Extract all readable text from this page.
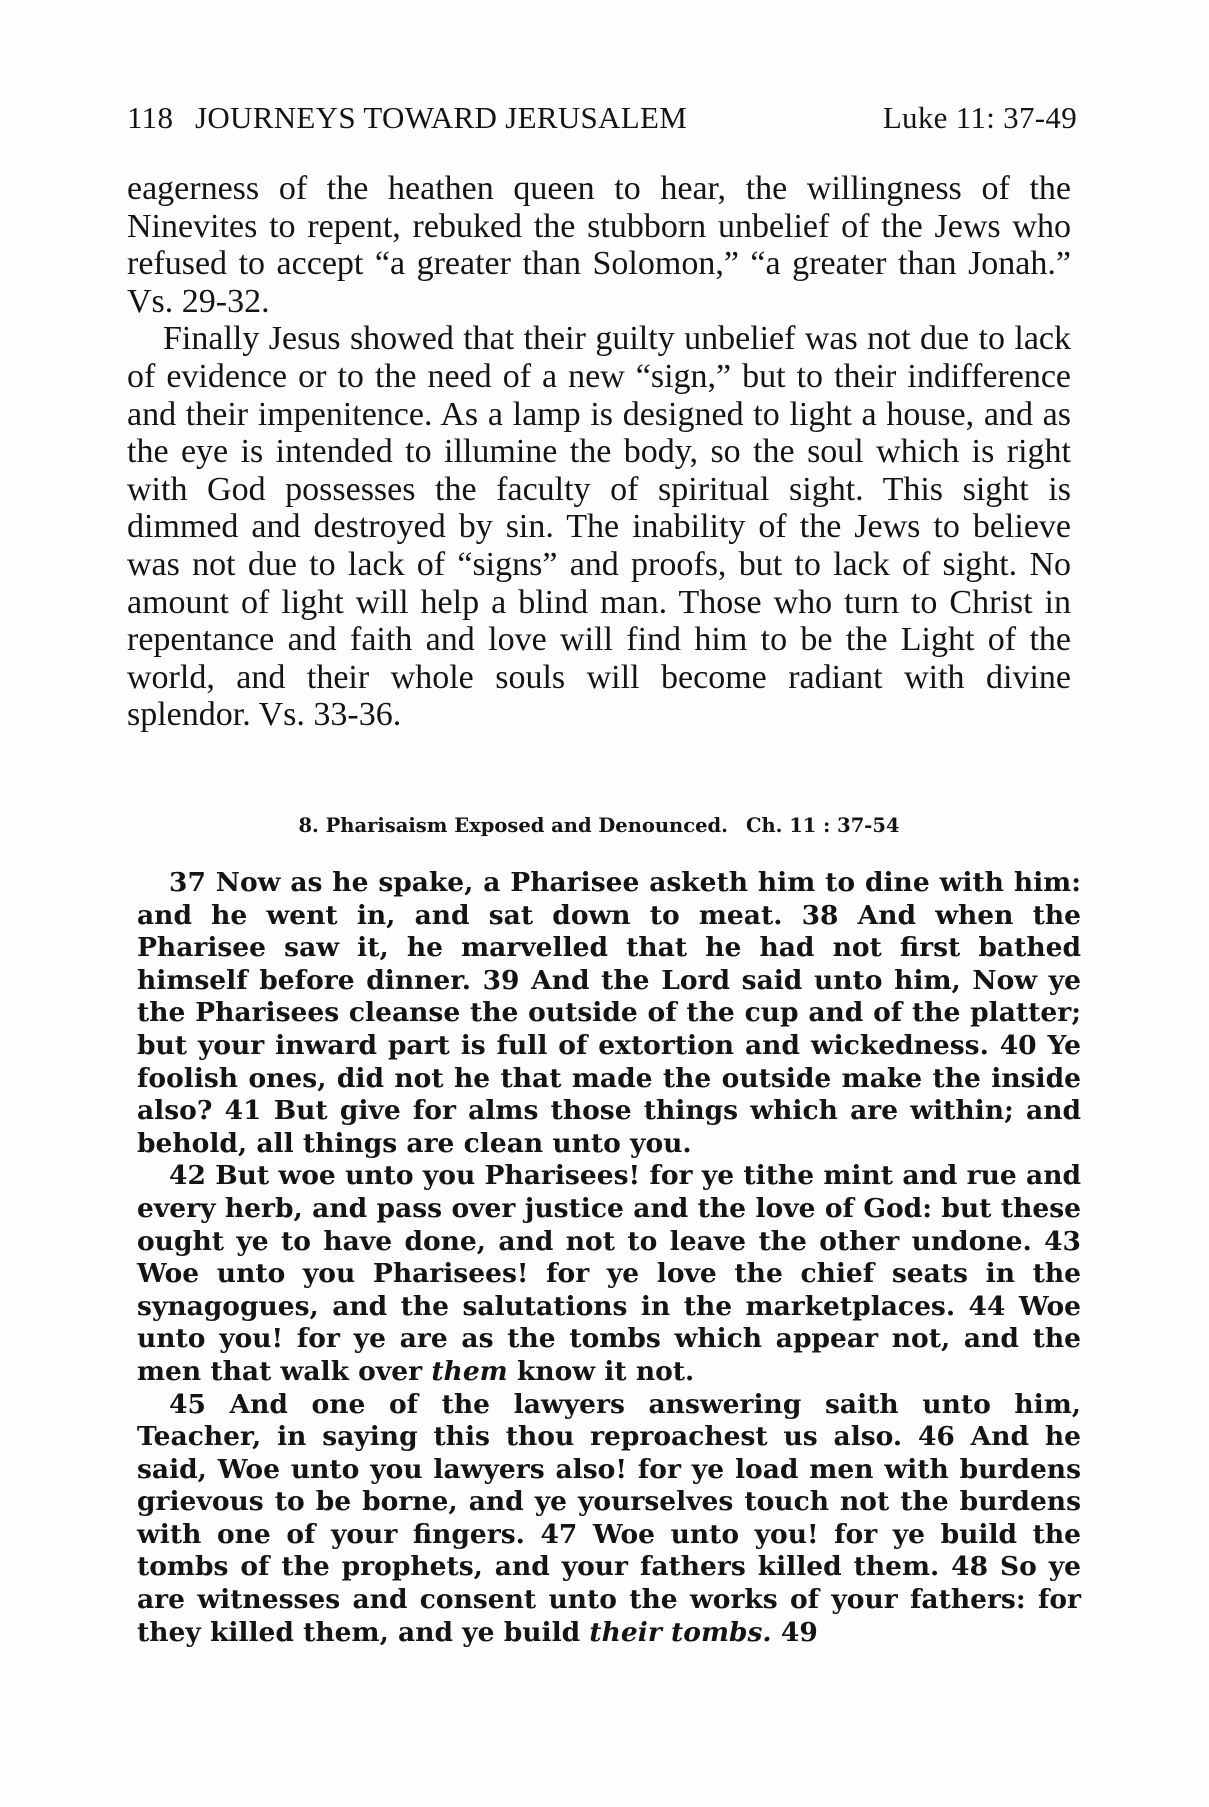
118 JOURNEYS TOWARD JERUSALEM	Luke 11: 37-49

eagerness of the heathen queen to hear, the willingness of the Ninevites to repent, rebuked the stubborn unbelief of the Jews who refused to accept “a greater than Solomon,” “a greater than Jonah.” Vs. 29-32.

Finally Jesus showed that their guilty unbelief was not due to lack of evidence or to the need of a new “sign,” but to their indifference and their impenitence. As a lamp is designed to light a house, and as the eye is intended to illumine the body, so the soul which is right with God possesses the faculty of spiritual sight. This sight is dimmed and destroyed by sin. The inability of the Jews to believe was not due to lack of “signs” and proofs, but to lack of sight. No amount of light will help a blind man. Those who turn to Christ in repentance and faith and love will find him to be the Light of the world, and their whole souls will become radiant with divine splendor. Vs. 33-36.

8. Pharisaism Exposed and Denounced. Ch. 11 : 37-54

37 Now as he spake, a Pharisee asketh him to dine with him: and he went in, and sat down to meat. 38 And when the Pharisee saw it, he marvelled that he had not first bathed himself before dinner. 39 And the Lord said unto him, Now ye the Pharisees cleanse the outside of the cup and of the platter; but your inward part is full of extortion and wickedness. 40 Ye foolish ones, did not he that made the outside make the inside also? 41 But give for alms those things which are within; and behold, all things are clean unto you.

42 But woe unto you Pharisees! for ye tithe mint and rue and every herb, and pass over justice and the love of God: but these ought ye to have done, and not to leave the other undone. 43 Woe unto you Pharisees! for ye love the chief seats in the synagogues, and the salutations in the marketplaces. 44 Woe unto you! for ye are as the tombs which appear not, and the men that walk over them know it not.

45 And one of the lawyers answering saith unto him, Teacher, in saying this thou reproachest us also. 46 And he said, Woe unto you lawyers also! for ye load men with burdens grievous to be borne, and ye yourselves touch not the burdens with one of your fingers. 47 Woe unto you! for ye build the tombs of the prophets, and your fathers killed them. 48 So ye are witnesses and consent unto the works of your fathers: for they killed them, and ye build their tombs. 49
